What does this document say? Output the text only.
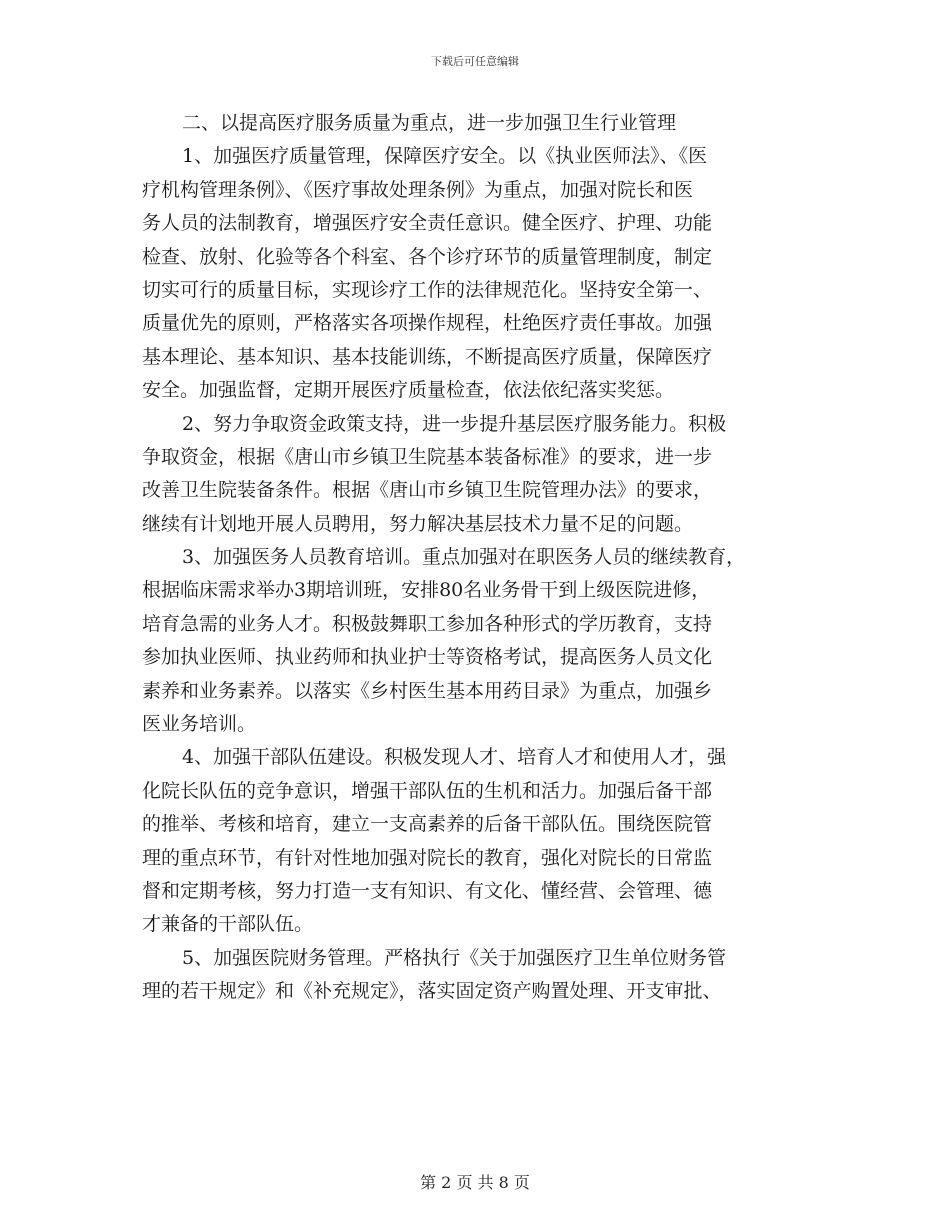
下载后可任意编辑
二、以提高医疗服务质量为重点，进一步加强卫生行业管理
1、加强医疗质量管理，保障医疗安全。以《执业医师法》、《医
疗机构管理条例》、《医疗事故处理条例》为重点，加强对院长和医
务人员的法制教育，增强医疗安全责任意识。健全医疗、护理、功能
检查、放射、化验等各个科室、各个诊疗环节的质量管理制度，制定
切实可行的质量目标，实现诊疗工作的法律规范化。坚持安全第一、
质量优先的原则，严格落实各项操作规程，杜绝医疗责任事故。加强
基本理论、基本知识、基本技能训练，不断提高医疗质量，保障医疗
安全。加强监督，定期开展医疗质量检查，依法依纪落实奖惩。
2、努力争取资金政策支持，进一步提升基层医疗服务能力。积极
争取资金，根据《唐山市乡镇卫生院基本装备标准》的要求，进一步
改善卫生院装备条件。根据《唐山市乡镇卫生院管理办法》的要求，
继续有计划地开展人员聘用，努力解决基层技术力量不足的问题。
3、加强医务人员教育培训。重点加强对在职医务人员的继续教育，
根据临床需求举办3期培训班，安排80名业务骨干到上级医院进修，
培育急需的业务人才。积极鼓舞职工参加各种形式的学历教育，支持
参加执业医师、执业药师和执业护士等资格考试，提高医务人员文化
素养和业务素养。以落实《乡村医生基本用药目录》为重点，加强乡
医业务培训。
4、加强干部队伍建设。积极发现人才、培育人才和使用人才，强
化院长队伍的竞争意识，增强干部队伍的生机和活力。加强后备干部
的推举、考核和培育，建立一支高素养的后备干部队伍。围绕医院管
理的重点环节，有针对性地加强对院长的教育，强化对院长的日常监
督和定期考核，努力打造一支有知识、有文化、懂经营、会管理、德
才兼备的干部队伍。
5、加强医院财务管理。严格执行《关于加强医疗卫生单位财务管
理的若干规定》和《补充规定》，落实固定资产购置处理、开支审批、
第 2 页 共 8 页
